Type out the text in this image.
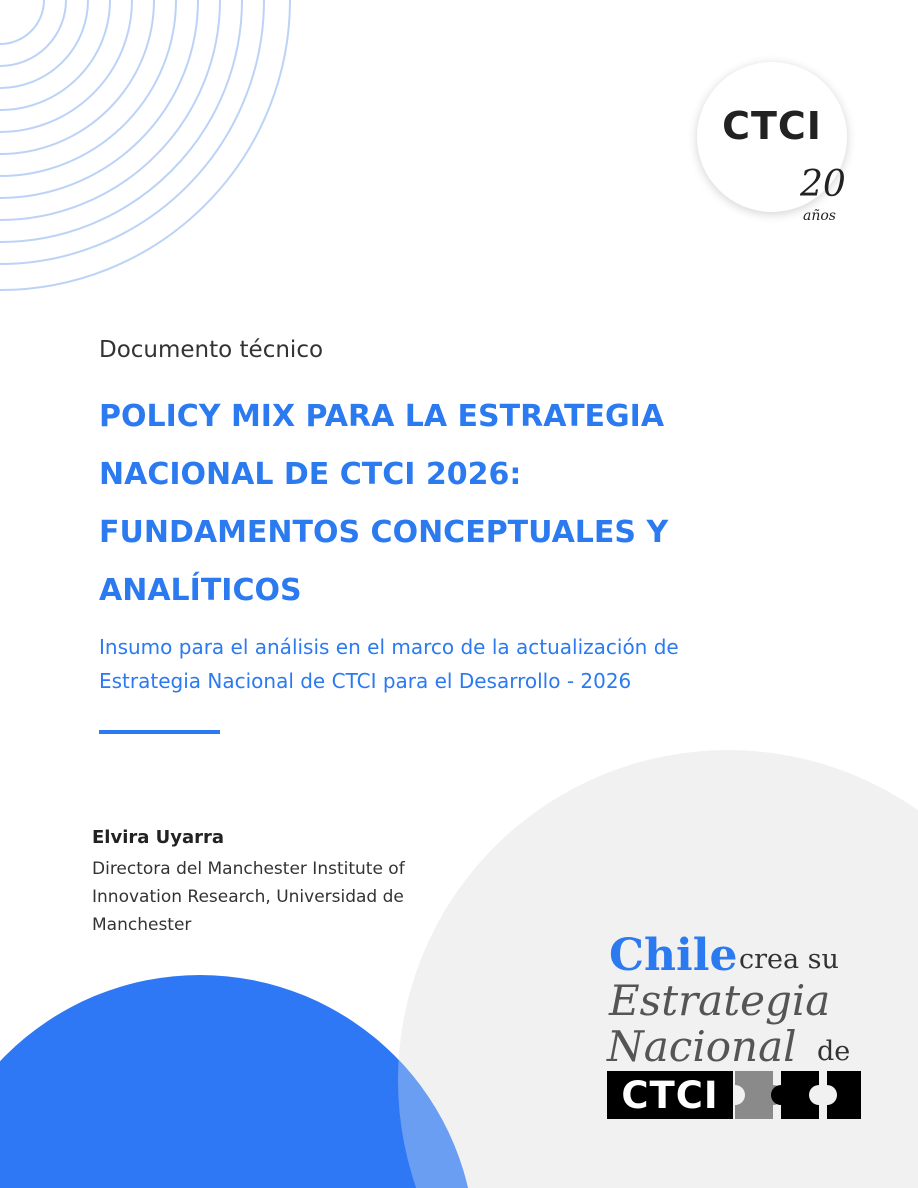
CTCI
20
años
Documento técnico
POLICY MIX PARA LA ESTRATEGIA
NACIONAL DE CTCI 2026:
FUNDAMENTOS CONCEPTUALES Y
ANALÍTICOS
Insumo para el análisis en el marco de la actualización de
Estrategia Nacional de CTCI para el Desarrollo - 2026
Elvira Uyarra
Directora del Manchester Institute of
Innovation Research, Universidad de
Manchester
Chile crea su
Estrategia
Nacional de
CTCI
